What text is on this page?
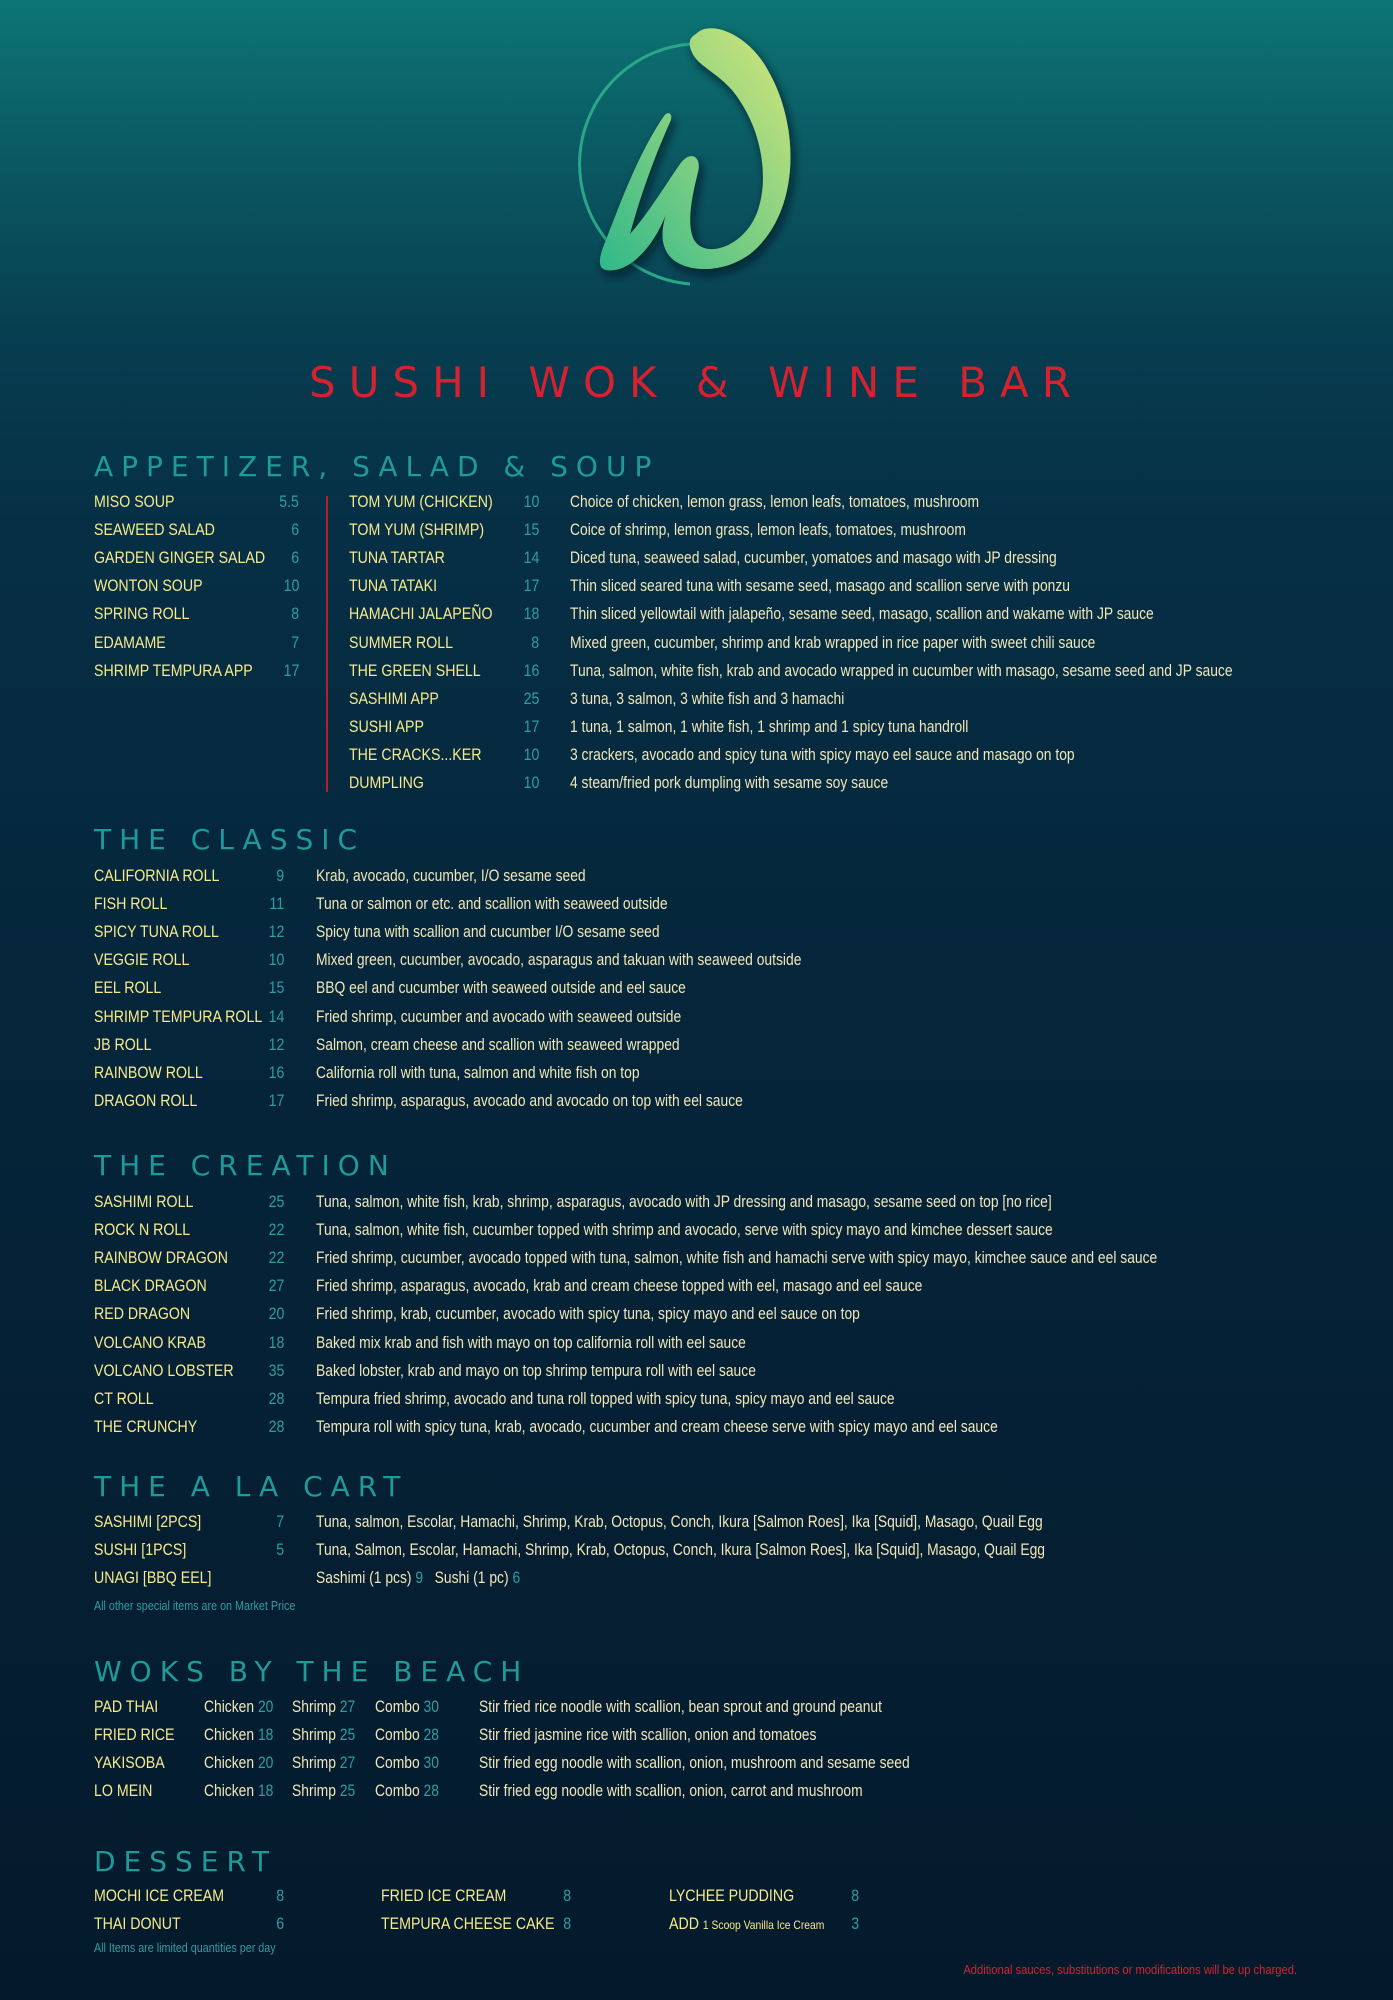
SUSHI WOK & WINE BAR
APPETIZER, SALAD & SOUP
MISO SOUP	5.5
SEAWEED SALAD	6
GARDEN GINGER SALAD 6
WONTON SOUP	10
SPRING ROLL	8
EDAMAME	7
SHRIMP TEMPURA APP 17
TOM YUM (CHICKEN) 10 Choice of chicken, lemon grass, lemon leafs, tomatoes, mushroom
TOM YUM (SHRIMP) 15 Coice of shrimp, lemon grass, lemon leafs, tomatoes, mushroom
TUNA TARTAR	14 Diced tuna, seaweed salad, cucumber, yomatoes and masago with JP dressing
TUNA TATAKI	17 Thin sliced seared tuna with sesame seed, masago and scallion serve with ponzu
HAMACHI JALAPEÑO 18 Thin sliced yellowtail with jalapeño, sesame seed, masago, scallion and wakame with JP sauce
SUMMER ROLL	8 Mixed green, cucumber, shrimp and krab wrapped in rice paper with sweet chili sauce
THE GREEN SHELL	16 Tuna, salmon, white fish, krab and avocado wrapped in cucumber with masago, sesame seed and JP sauce
SASHIMI APP	25 3 tuna, 3 salmon, 3 white fish and 3 hamachi
SUSHI APP	17 1 tuna, 1 salmon, 1 white fish, 1 shrimp and 1 spicy tuna handroll
THE CRACKS...KER	10 3 crackers, avocado and spicy tuna with spicy mayo eel sauce and masago on top
DUMPLING	10 4 steam/fried pork dumpling with sesame soy sauce
THE CLASSIC
CALIFORNIA ROLL	9 Krab, avocado, cucumber, I/O sesame seed
FISH ROLL	11 Tuna or salmon or etc. and scallion with seaweed outside
SPICY TUNA ROLL	12 Spicy tuna with scallion and cucumber I/O sesame seed
VEGGIE ROLL	10 Mixed green, cucumber, avocado, asparagus and takuan with seaweed outside
EEL ROLL	15 BBQ eel and cucumber with seaweed outside and eel sauce
SHRIMP TEMPURA ROLL 14 Fried shrimp, cucumber and avocado with seaweed outside
JB ROLL	12 Salmon, cream cheese and scallion with seaweed wrapped
RAINBOW ROLL	16 California roll with tuna, salmon and white fish on top
DRAGON ROLL	17 Fried shrimp, asparagus, avocado and avocado on top with eel sauce
THE CREATION
SASHIMI ROLL	25 Tuna, salmon, white fish, krab, shrimp, asparagus, avocado with JP dressing and masago, sesame seed on top [no rice]
ROCK N ROLL	22 Tuna, salmon, white fish, cucumber topped with shrimp and avocado, serve with spicy mayo and kimchee dessert sauce
RAINBOW DRAGON 22 Fried shrimp, cucumber, avocado topped with tuna, salmon, white fish and hamachi serve with spicy mayo, kimchee sauce and eel sauce
BLACK DRAGON	27 Fried shrimp, asparagus, avocado, krab and cream cheese topped with eel, masago and eel sauce
RED DRAGON	20 Fried shrimp, krab, cucumber, avocado with spicy tuna, spicy mayo and eel sauce on top
VOLCANO KRAB	18 Baked mix krab and fish with mayo on top california roll with eel sauce
VOLCANO LOBSTER 35 Baked lobster, krab and mayo on top shrimp tempura roll with eel sauce
CT ROLL	28 Tempura fried shrimp, avocado and tuna roll topped with spicy tuna, spicy mayo and eel sauce
THE CRUNCHY	28 Tempura roll with spicy tuna, krab, avocado, cucumber and cream cheese serve with spicy mayo and eel sauce
THE A LA CART
SASHIMI [2PCS]	7 Tuna, salmon, Escolar, Hamachi, Shrimp, Krab, Octopus, Conch, Ikura [Salmon Roes], Ika [Squid], Masago, Quail Egg
SUSHI [1PCS]	5 Tuna, Salmon, Escolar, Hamachi, Shrimp, Krab, Octopus, Conch, Ikura [Salmon Roes], Ika [Squid], Masago, Quail Egg
UNAGI [BBQ EEL]	Sashimi (1 pcs) 9 Sushi (1 pc) 6
All other special items are on Market Price
WOKS BY THE BEACH
PAD THAI	Chicken 20 Shrimp 27 Combo 30 Stir fried rice noodle with scallion, bean sprout and ground peanut
FRIED RICE Chicken 18 Shrimp 25 Combo 28 Stir fried jasmine rice with scallion, onion and tomatoes
YAKISOBA Chicken 20 Shrimp 27 Combo 30 Stir fried egg noodle with scallion, onion, mushroom and sesame seed
LO MEIN	Chicken 18 Shrimp 25 Combo 28 Stir fried egg noodle with scallion, onion, carrot and mushroom
DESSERT
MOCHI ICE CREAM	8
THAI DONUT	6
FRIED ICE CREAM	8
TEMPURA CHEESE CAKE 8
LYCHEE PUDDING	8
ADD 1 Scoop Vanilla Ice Cream 3
All Items are limited quantities per day
Additional sauces, substitutions or modifications will be up charged.
